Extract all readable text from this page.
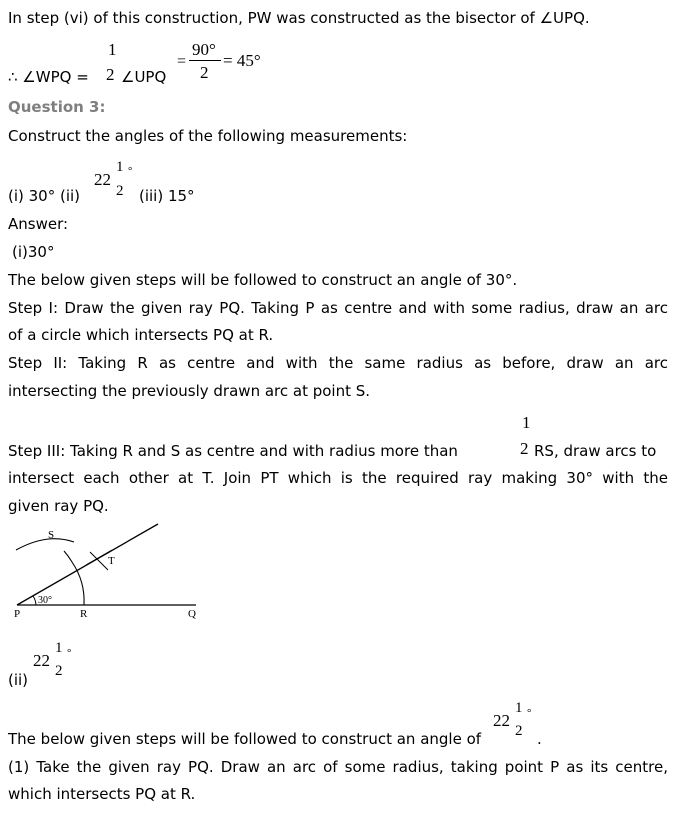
In step (vi) of this construction, PW was constructed as the bisector of ∠UPQ.
∴ ∠WPQ =
1
2 ∠UPQ
=
90°
2
= 45°
Question 3:
Construct the angles of the following measurements:
(i) 30° (ii)
22
1
2
°
(iii) 15°
Answer:
(i)30°
The below given steps will be followed to construct an angle of 30°.
Step I: Draw the given ray PQ. Taking P as centre and with some radius, draw an arc
of a circle which intersects PQ at R.
Step II: Taking R as centre and with the same radius as before, draw an arc
intersecting the previously drawn arc at point S.
Step III: Taking R and S as centre and with radius more than
1
2 RS, draw arcs to
intersect each other at T. Join PT which is the required ray making 30° with the
given ray PQ.
S
T
P	R	Q
30°
(ii)
22
1
2
°
The below given steps will be followed to construct an angle of
22
1
2
°
.
(1) Take the given ray PQ. Draw an arc of some radius, taking point P as its centre,
which intersects PQ at R.
